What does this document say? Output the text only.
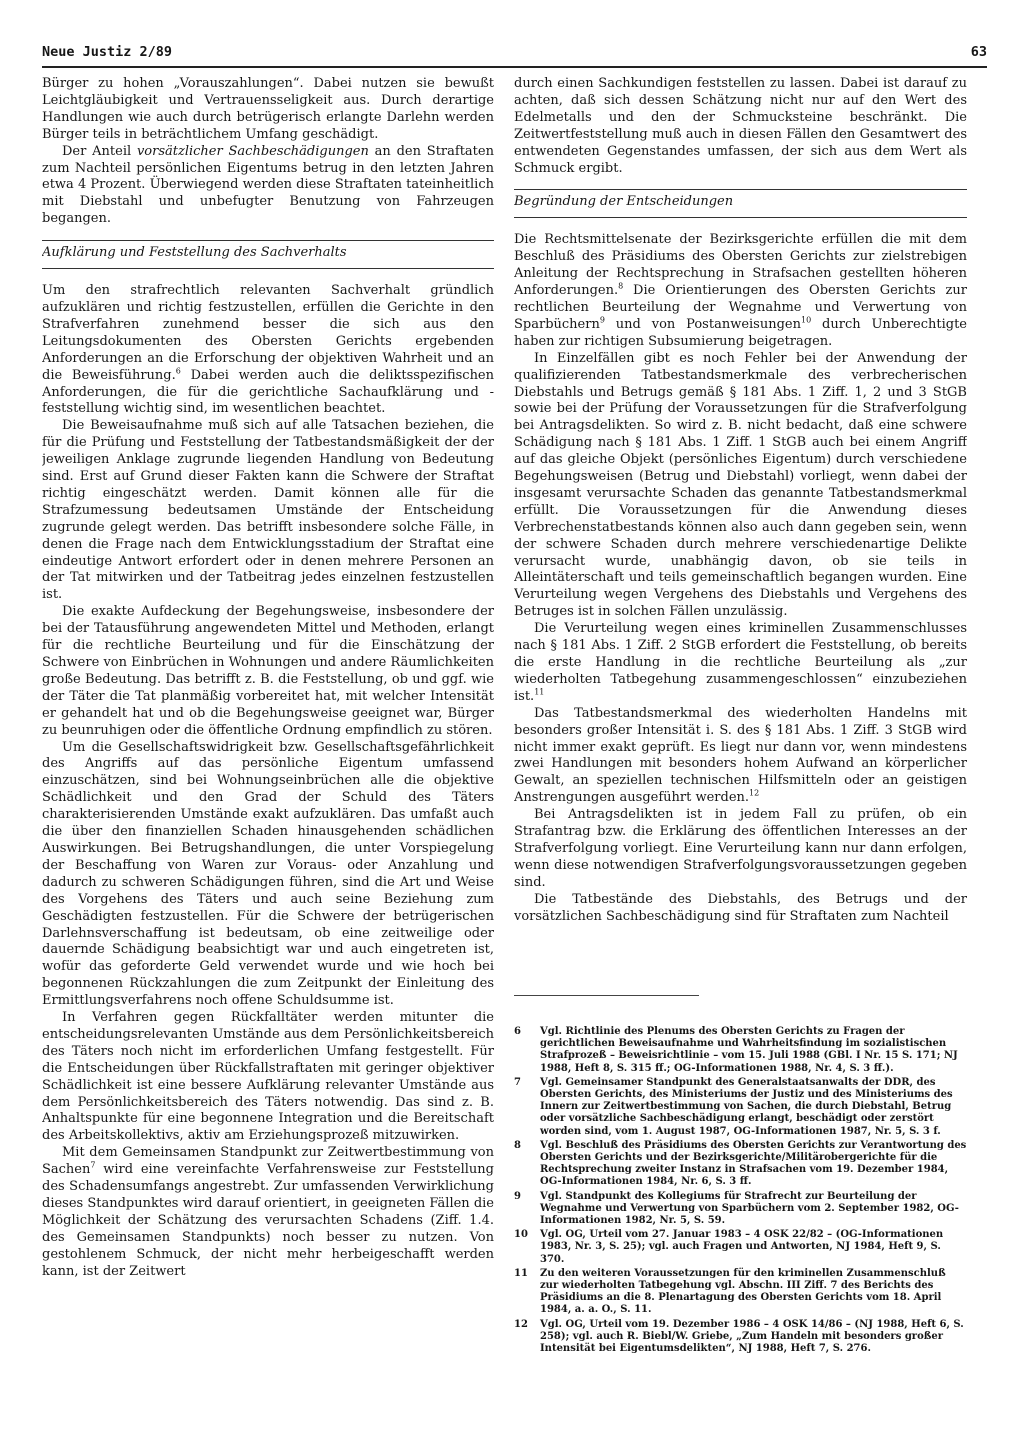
Neue Justiz 2/89	63

Bürger zu hohen „Vorauszahlungen“. Dabei nutzen sie bewußt Leichtgläubigkeit und Vertrauensseligkeit aus. Durch derartige Handlungen wie auch durch betrügerisch erlangte Darlehn werden Bürger teils in beträchtlichem Umfang geschädigt.

Der Anteil vorsätzlicher Sachbeschädigungen an den Straftaten zum Nachteil persönlichen Eigentums betrug in den letzten Jahren etwa 4 Prozent. Überwiegend werden diese Straftaten tateinheitlich mit Diebstahl und unbefugter Benutzung von Fahrzeugen begangen.

Aufklärung und Feststellung des Sachverhalts

Um den strafrechtlich relevanten Sachverhalt gründlich aufzuklären und richtig festzustellen, erfüllen die Gerichte in den Strafverfahren zunehmend besser die sich aus den Leitungsdokumenten des Obersten Gerichts ergebenden Anforderungen an die Erforschung der objektiven Wahrheit und an die Beweisführung.$^6$ Dabei werden auch die deliktsspezifischen Anforderungen, die für die gerichtliche Sachaufklärung und -feststellung wichtig sind, im wesentlichen beachtet.

Die Beweisaufnahme muß sich auf alle Tatsachen beziehen, die für die Prüfung und Feststellung der Tatbestandsmäßigkeit der der jeweiligen Anklage zugrunde liegenden Handlung von Bedeutung sind. Erst auf Grund dieser Fakten kann die Schwere der Straftat richtig eingeschätzt werden. Damit können alle für die Strafzumessung bedeutsamen Umstände der Entscheidung zugrunde gelegt werden. Das betrifft insbesondere solche Fälle, in denen die Frage nach dem Entwicklungsstadium der Straftat eine eindeutige Antwort erfordert oder in denen mehrere Personen an der Tat mitwirken und der Tatbeitrag jedes einzelnen festzustellen ist.

Die exakte Aufdeckung der Begehungsweise, insbesondere der bei der Tatausführung angewendeten Mittel und Methoden, erlangt für die rechtliche Beurteilung und für die Einschätzung der Schwere von Einbrüchen in Wohnungen und andere Räumlichkeiten große Bedeutung. Das betrifft z. B. die Feststellung, ob und ggf. wie der Täter die Tat planmäßig vorbereitet hat, mit welcher Intensität er gehandelt hat und ob die Begehungsweise geeignet war, Bürger zu beunruhigen oder die öffentliche Ordnung empfindlich zu stören.

Um die Gesellschaftswidrigkeit bzw. Gesellschaftsgefährlichkeit des Angriffs auf das persönliche Eigentum umfassend einzuschätzen, sind bei Wohnungseinbrüchen alle die objektive Schädlichkeit und den Grad der Schuld des Täters charakterisierenden Umstände exakt aufzuklären. Das umfaßt auch die über den finanziellen Schaden hinausgehenden schädlichen Auswirkungen. Bei Betrugshandlungen, die unter Vorspiegelung der Beschaffung von Waren zur Voraus- oder Anzahlung und dadurch zu schweren Schädigungen führen, sind die Art und Weise des Vorgehens des Täters und auch seine Beziehung zum Geschädigten festzustellen. Für die Schwere der betrügerischen Darlehnsverschaffung ist bedeutsam, ob eine zeitweilige oder dauernde Schädigung beabsichtigt war und auch eingetreten ist, wofür das geforderte Geld verwendet wurde und wie hoch bei begonnenen Rückzahlungen die zum Zeitpunkt der Einleitung des Ermittlungsverfahrens noch offene Schuldsumme ist.

In Verfahren gegen Rückfalltäter werden mitunter die entscheidungsrelevanten Umstände aus dem Persönlichkeitsbereich des Täters noch nicht im erforderlichen Umfang festgestellt. Für die Entscheidungen über Rückfallstraftaten mit geringer objektiver Schädlichkeit ist eine bessere Aufklärung relevanter Umstände aus dem Persönlichkeitsbereich des Täters notwendig. Das sind z. B. Anhaltspunkte für eine begonnene Integration und die Bereitschaft des Arbeitskollektivs, aktiv am Erziehungsprozeß mitzuwirken.

Mit dem Gemeinsamen Standpunkt zur Zeitwertbestimmung von Sachen$^7$ wird eine vereinfachte Verfahrensweise zur Feststellung des Schadensumfangs angestrebt. Zur umfassenden Verwirklichung dieses Standpunktes wird darauf orientiert, in geeigneten Fällen die Möglichkeit der Schätzung des verursachten Schadens (Ziff. 1.4. des Gemeinsamen Standpunkts) noch besser zu nutzen. Von gestohlenem Schmuck, der nicht mehr herbeigeschafft werden kann, ist der Zeitwert

durch einen Sachkundigen feststellen zu lassen. Dabei ist darauf zu achten, daß sich dessen Schätzung nicht nur auf den Wert des Edelmetalls und den der Schmucksteine beschränkt. Die Zeitwertfeststellung muß auch in diesen Fällen den Gesamtwert des entwendeten Gegenstandes umfassen, der sich aus dem Wert als Schmuck ergibt.

Begründung der Entscheidungen

Die Rechtsmittelsenate der Bezirksgerichte erfüllen die mit dem Beschluß des Präsidiums des Obersten Gerichts zur zielstrebigen Anleitung der Rechtsprechung in Strafsachen gestellten höheren Anforderungen.$^8$ Die Orientierungen des Obersten Gerichts zur rechtlichen Beurteilung der Wegnahme und Verwertung von Sparbüchern$^9$ und von Postanweisungen$^{10}$ durch Unberechtigte haben zur richtigen Subsumierung beigetragen.

In Einzelfällen gibt es noch Fehler bei der Anwendung der qualifizierenden Tatbestandsmerkmale des verbrecherischen Diebstahls und Betrugs gemäß § 181 Abs. 1 Ziff. 1, 2 und 3 StGB sowie bei der Prüfung der Voraussetzungen für die Strafverfolgung bei Antragsdelikten. So wird z. B. nicht bedacht, daß eine schwere Schädigung nach § 181 Abs. 1 Ziff. 1 StGB auch bei einem Angriff auf das gleiche Objekt (persönliches Eigentum) durch verschiedene Begehungsweisen (Betrug und Diebstahl) vorliegt, wenn dabei der insgesamt verursachte Schaden das genannte Tatbestandsmerkmal erfüllt. Die Voraussetzungen für die Anwendung dieses Verbrechenstatbestands können also auch dann gegeben sein, wenn der schwere Schaden durch mehrere verschiedenartige Delikte verursacht wurde, unabhängig davon, ob sie teils in Alleintäterschaft und teils gemeinschaftlich begangen wurden. Eine Verurteilung wegen Vergehens des Diebstahls und Vergehens des Betruges ist in solchen Fällen unzulässig.

Die Verurteilung wegen eines kriminellen Zusammenschlusses nach § 181 Abs. 1 Ziff. 2 StGB erfordert die Feststellung, ob bereits die erste Handlung in die rechtliche Beurteilung als „zur wiederholten Tatbegehung zusammengeschlossen“ einzubeziehen ist.$^{11}$

Das Tatbestandsmerkmal des wiederholten Handelns mit besonders großer Intensität i. S. des § 181 Abs. 1 Ziff. 3 StGB wird nicht immer exakt geprüft. Es liegt nur dann vor, wenn mindestens zwei Handlungen mit besonders hohem Aufwand an körperlicher Gewalt, an speziellen technischen Hilfsmitteln oder an geistigen Anstrengungen ausgeführt werden.$^{12}$

Bei Antragsdelikten ist in jedem Fall zu prüfen, ob ein Strafantrag bzw. die Erklärung des öffentlichen Interesses an der Strafverfolgung vorliegt. Eine Verurteilung kann nur dann erfolgen, wenn diese notwendigen Strafverfolgungsvoraussetzungen gegeben sind.

Die Tatbestände des Diebstahls, des Betrugs und der vorsätzlichen Sachbeschädigung sind für Straftaten zum Nachteil

6	Vgl. Richtlinie des Plenums des Obersten Gerichts zu Fragen der gerichtlichen Beweisaufnahme und Wahrheitsfindung im sozialistischen Strafprozeß – Beweisrichtlinie – vom 15. Juli 1988 (GBl. I Nr. 15 S. 171; NJ 1988, Heft 8, S. 315 ff.; OG-Informationen 1988, Nr. 4, S. 3 ff.).
7	Vgl. Gemeinsamer Standpunkt des Generalstaatsanwalts der DDR, des Obersten Gerichts, des Ministeriums der Justiz und des Ministeriums des Innern zur Zeitwertbestimmung von Sachen, die durch Diebstahl, Betrug oder vorsätzliche Sachbeschädigung erlangt, beschädigt oder zerstört worden sind, vom 1. August 1987, OG-Informationen 1987, Nr. 5, S. 3 f.
8	Vgl. Beschluß des Präsidiums des Obersten Gerichts zur Verantwortung des Obersten Gerichts und der Bezirksgerichte/Militärobergerichte für die Rechtsprechung zweiter Instanz in Strafsachen vom 19. Dezember 1984, OG-Informationen 1984, Nr. 6, S. 3 ff.
9	Vgl. Standpunkt des Kollegiums für Strafrecht zur Beurteilung der Wegnahme und Verwertung von Sparbüchern vom 2. September 1982, OG-Informationen 1982, Nr. 5, S. 59.
10	Vgl. OG, Urteil vom 27. Januar 1983 – 4 OSK 22/82 – (OG-Informationen 1983, Nr. 3, S. 25); vgl. auch Fragen und Antworten, NJ 1984, Heft 9, S. 370.
11	Zu den weiteren Voraussetzungen für den kriminellen Zusammenschluß zur wiederholten Tatbegehung vgl. Abschn. III Ziff. 7 des Berichts des Präsidiums an die 8. Plenartagung des Obersten Gerichts vom 18. April 1984, a. a. O., S. 11.
12	Vgl. OG, Urteil vom 19. Dezember 1986 – 4 OSK 14/86 – (NJ 1988, Heft 6, S. 258); vgl. auch R. Biebl/W. Griebe, „Zum Handeln mit besonders großer Intensität bei Eigentumsdelikten“, NJ 1988, Heft 7, S. 276.
